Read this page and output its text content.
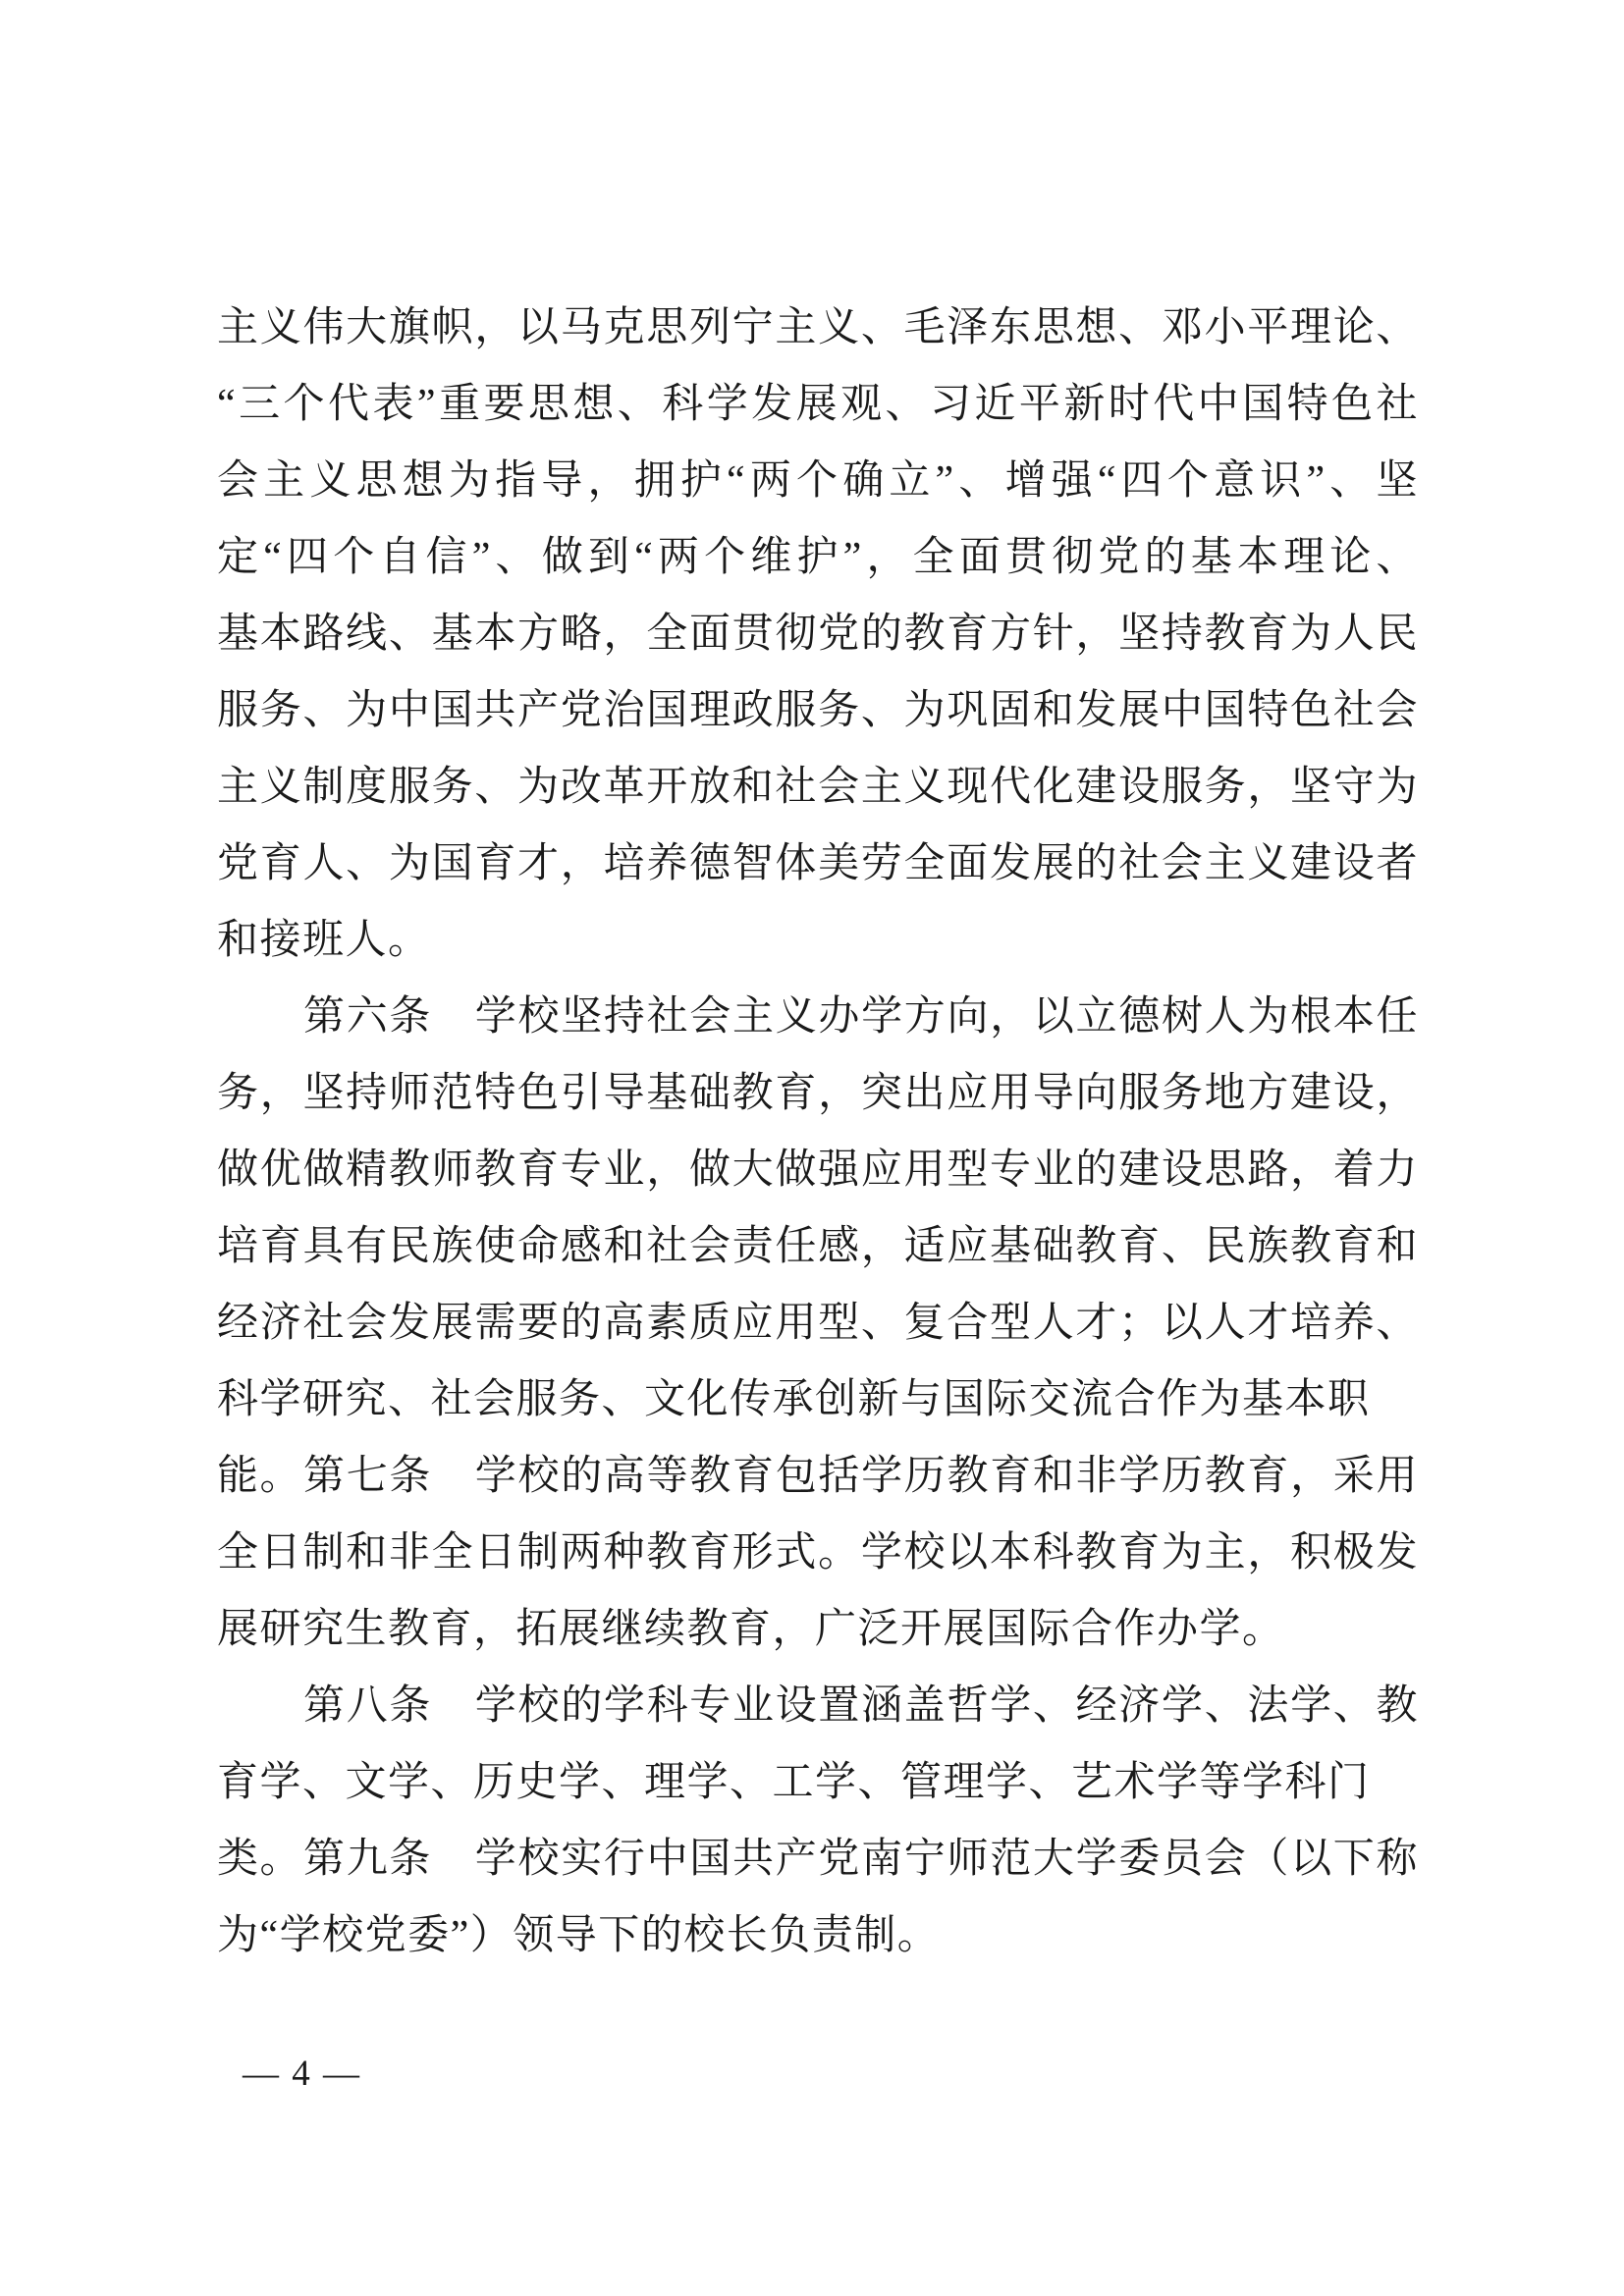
主义伟大旗帜，以马克思列宁主义、毛泽东思想、邓小平理论、
“三个代表”重要思想、科学发展观、习近平新时代中国特色社
会主义思想为指导，拥护“两个确立”、增强“四个意识”、坚
定“四个自信”、做到“两个维护”，全面贯彻党的基本理论、
基本路线、基本方略，全面贯彻党的教育方针，坚持教育为人民
服务、为中国共产党治国理政服务、为巩固和发展中国特色社会
主义制度服务、为改革开放和社会主义现代化建设服务，坚守为
党育人、为国育才，培养德智体美劳全面发展的社会主义建设者
和接班人。
第六条　学校坚持社会主义办学方向，以立德树人为根本任
务，坚持师范特色引导基础教育，突出应用导向服务地方建设，
做优做精教师教育专业，做大做强应用型专业的建设思路，着力
培育具有民族使命感和社会责任感，适应基础教育、民族教育和
经济社会发展需要的高素质应用型、复合型人才；以人才培养、
科学研究、社会服务、文化传承创新与国际交流合作为基本职能。 第七条　学校的高等教育包括学历教育和非学历教育，采用
全日制和非全日制两种教育形式。学校以本科教育为主，积极发
展研究生教育，拓展继续教育，广泛开展国际合作办学。
第八条　学校的学科专业设置涵盖哲学、经济学、法学、教
育学、文学、历史学、理学、工学、管理学、艺术学等学科门类。 第九条　学校实行中国共产党南宁师范大学委员会（以下称
为“学校党委”）领导下的校长负责制。
— 4 —
